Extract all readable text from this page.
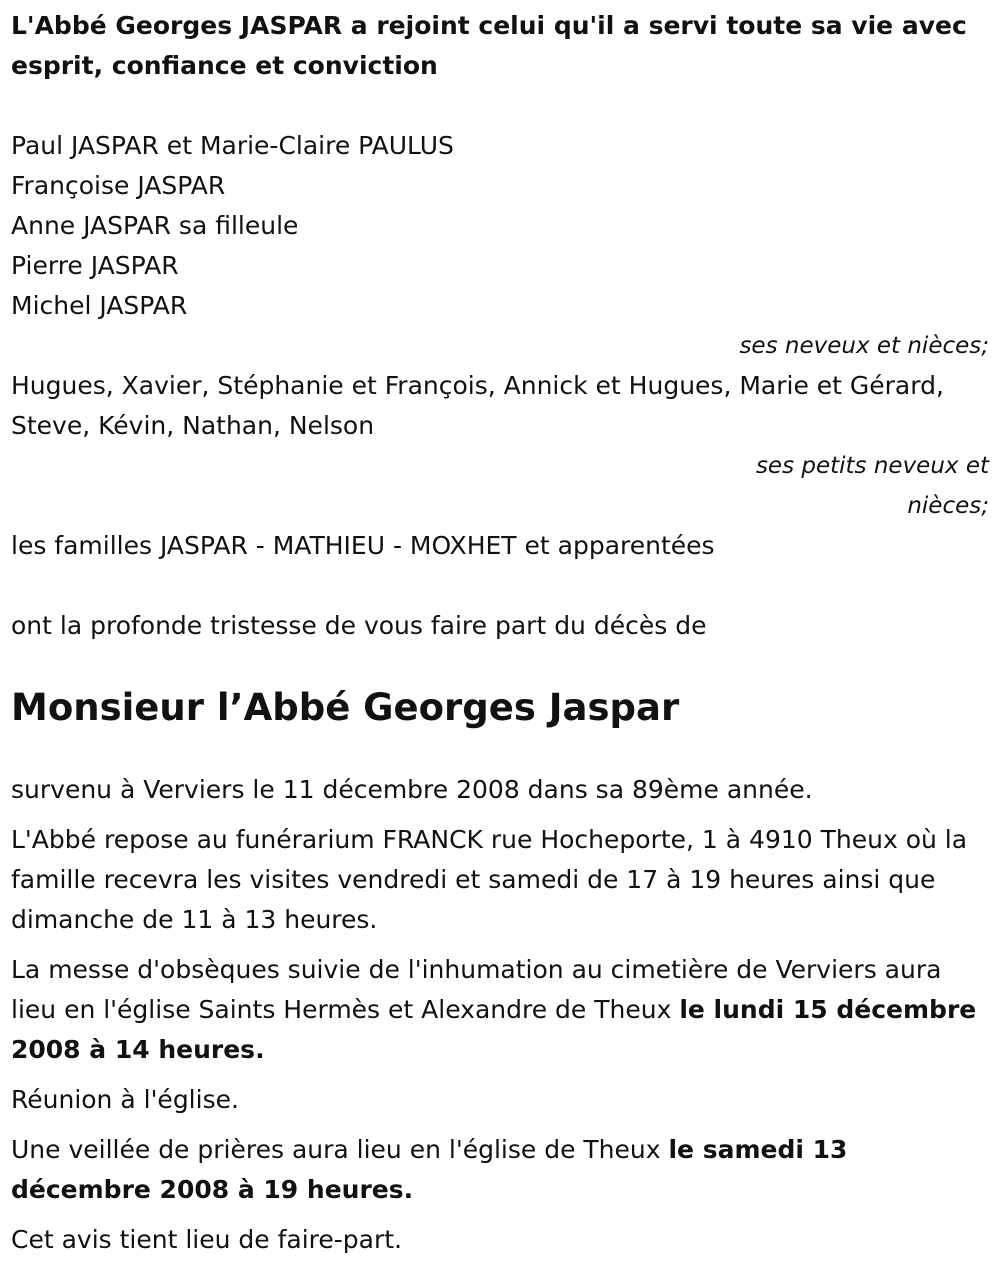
L'Abbé Georges JASPAR a rejoint celui qu'il a servi toute sa vie avec esprit, confiance et conviction

Paul JASPAR et Marie-Claire PAULUS

Françoise JASPAR

Anne JASPAR sa filleule

Pierre JASPAR

Michel JASPAR

ses neveux et nièces;

Hugues, Xavier, Stéphanie et François, Annick et Hugues, Marie et Gérard, Steve, Kévin, Nathan, Nelson

ses petits neveux et nièces;

les familles JASPAR - MATHIEU - MOXHET et apparentées

ont la profonde tristesse de vous faire part du décès de

Monsieur l’Abbé Georges Jaspar

survenu à Verviers le 11 décembre 2008 dans sa 89ème année.

L'Abbé repose au funérarium FRANCK rue Hocheporte, 1 à 4910 Theux où la famille recevra les visites vendredi et samedi de 17 à 19 heures ainsi que dimanche de 11 à 13 heures.

La messe d'obsèques suivie de l'inhumation au cimetière de Verviers aura lieu en l'église Saints Hermès et Alexandre de Theux le lundi 15 décembre 2008 à 14 heures.

Réunion à l'église.

Une veillée de prières aura lieu en l'église de Theux le samedi 13 décembre 2008 à 19 heures.

Cet avis tient lieu de faire-part.
